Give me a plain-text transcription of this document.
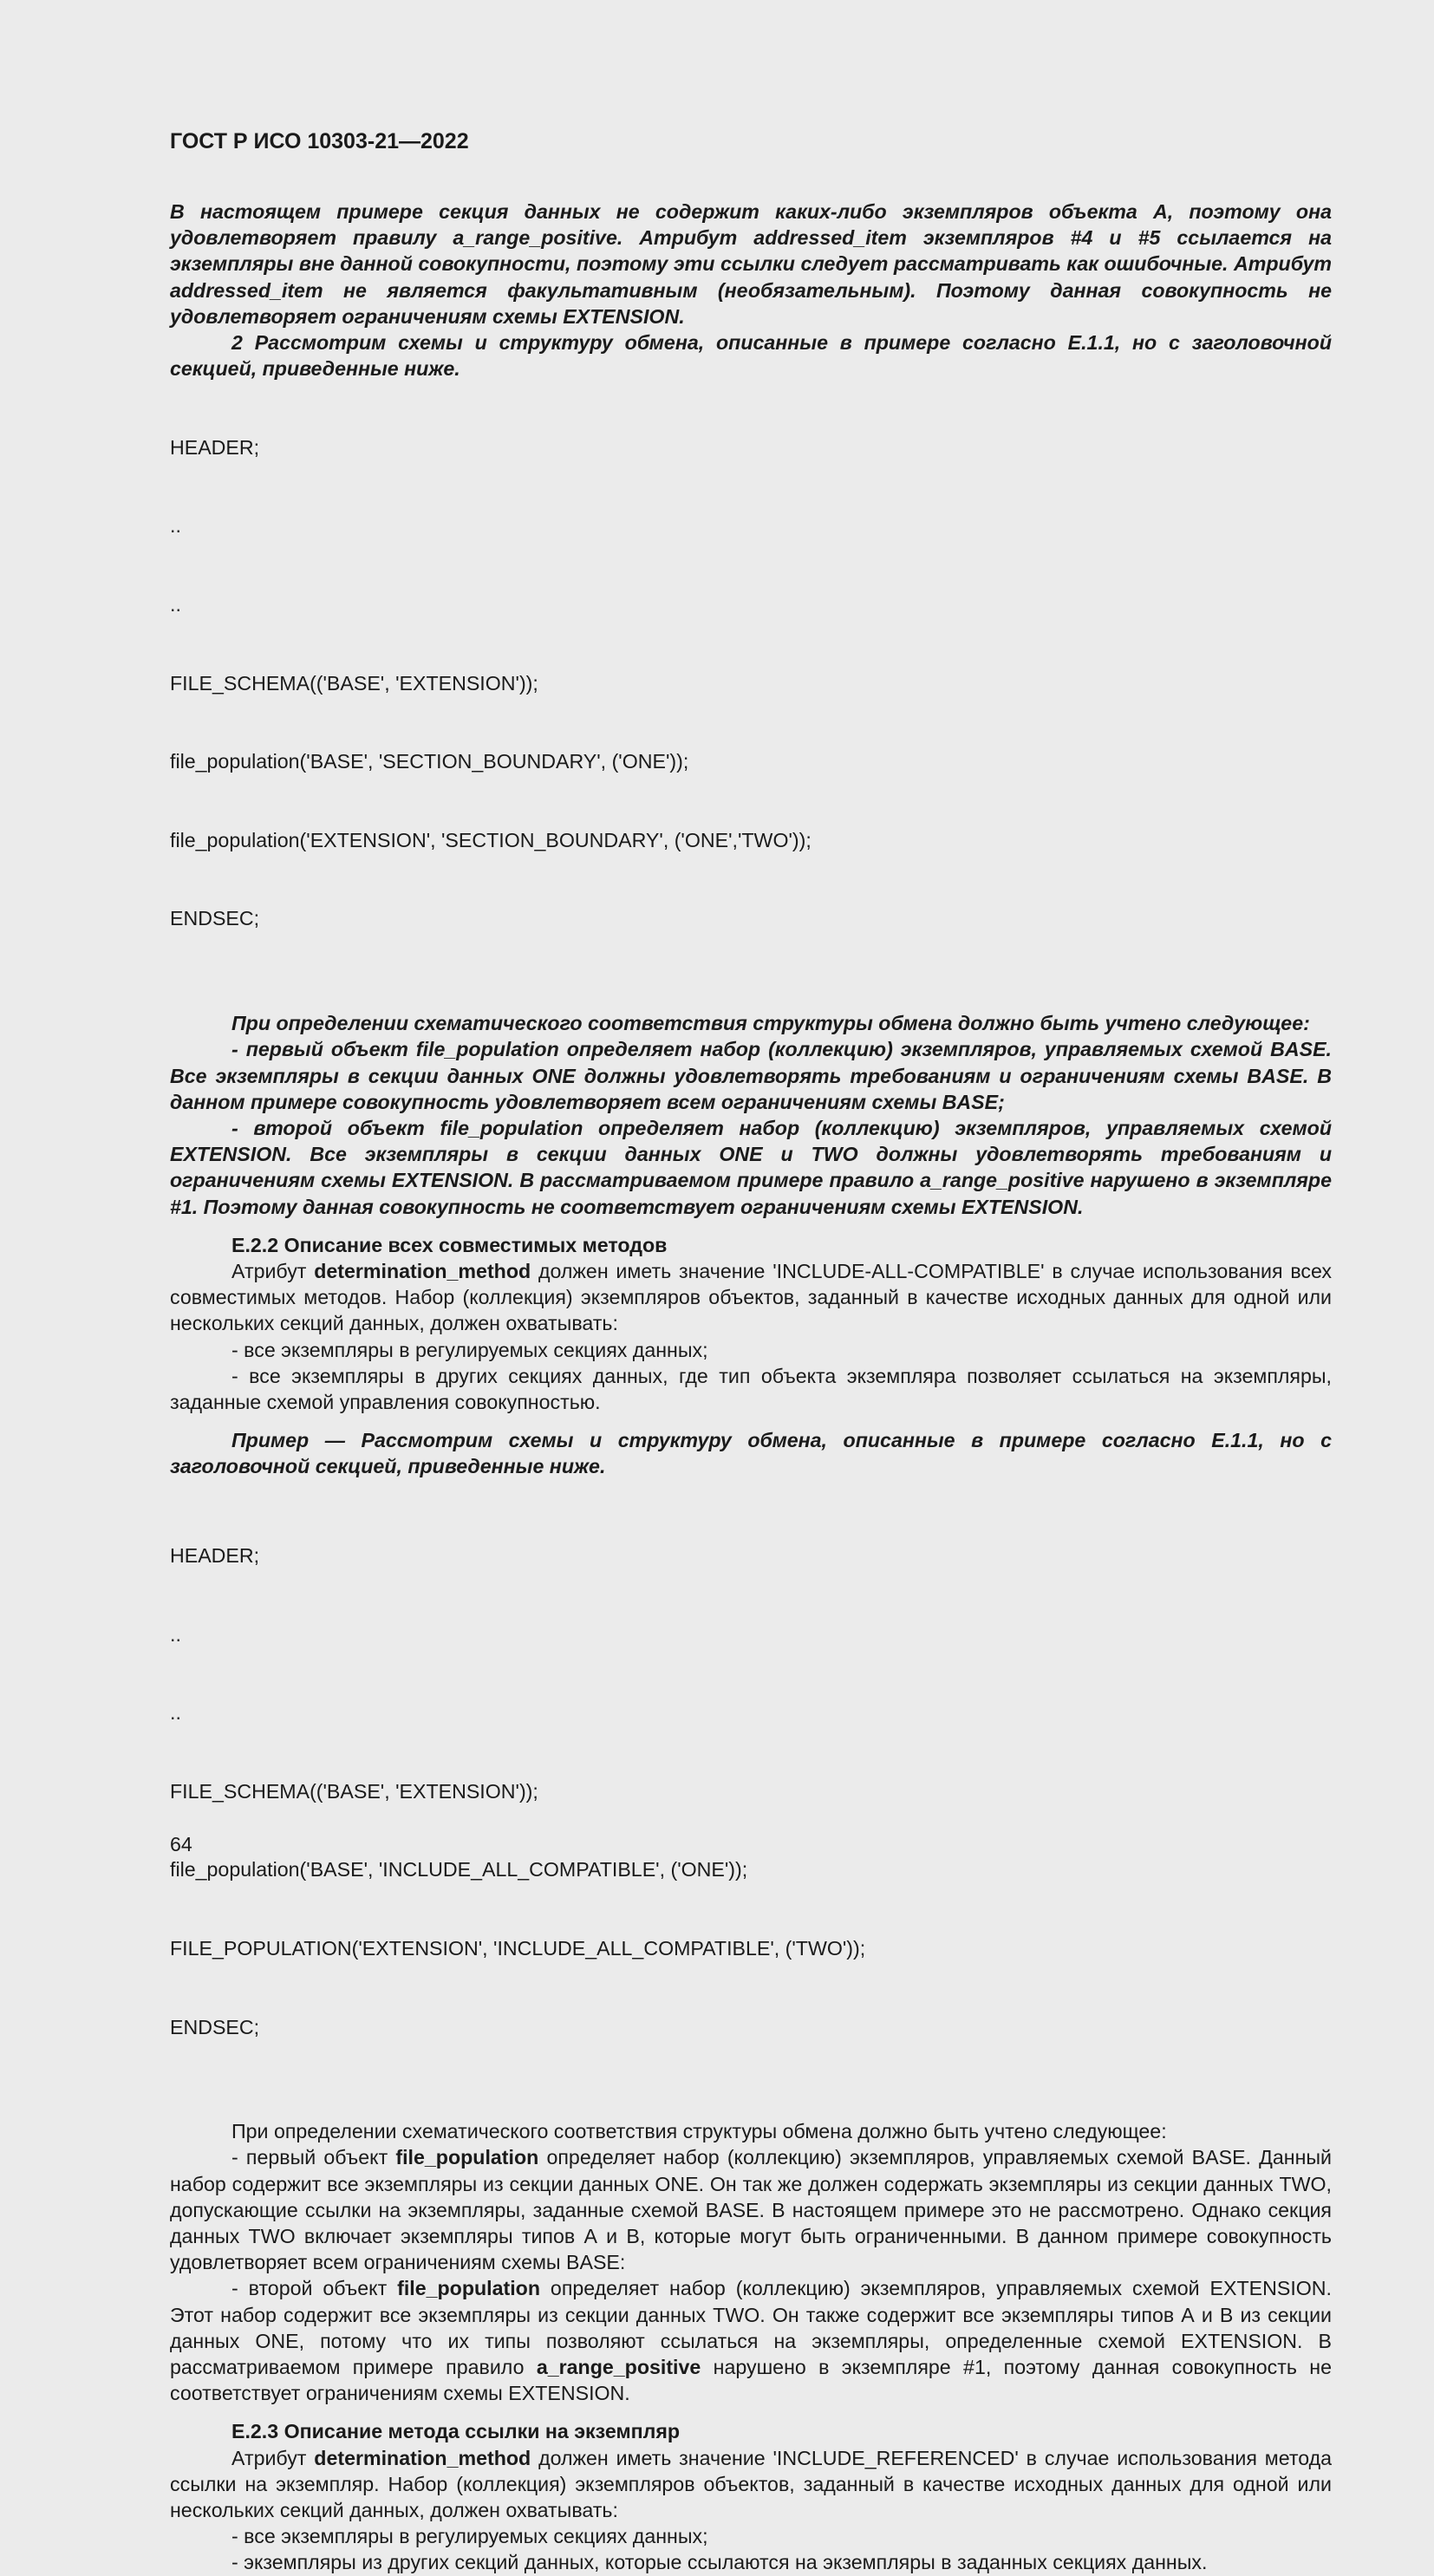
ГОСТ Р ИСО 10303-21—2022

В настоящем примере секция данных не содержит каких-либо экземпляров объекта А, поэтому она удовлетворяет правилу a_range_positive. Атрибут addressed_item экземпляров #4 и #5 ссылается на экземпляры вне данной совокупности, поэтому эти ссылки следует рассматривать как ошибочные. Атрибут addressed_item не является факультативным (необязательным). Поэтому данная совокупность не удовлетворяет ограничениям схемы EXTENSION.

2 Рассмотрим схемы и структуру обмена, описанные в примере согласно Е.1.1, но с заголовочной секцией, приведенные ниже.

HEADER;

..

..

FILE_SCHEMA(('BASE', 'EXTENSION'));

file_population('BASE', 'SECTION_BOUNDARY', ('ONE'));

file_population('EXTENSION', 'SECTION_BOUNDARY', ('ONE','TWO'));

ENDSEC;

При определении схематического соответствия структуры обмена должно быть учтено следующее:

- первый объект file_population определяет набор (коллекцию) экземпляров, управляемых схемой BASE. Все экземпляры в секции данных ONE должны удовлетворять требованиям и ограничениям схемы BASE. В данном примере совокупность удовлетворяет всем ограничениям схемы BASE;

- второй объект file_population определяет набор (коллекцию) экземпляров, управляемых схемой EXTENSION. Все экземпляры в секции данных ONE и TWO должны удовлетворять требованиям и ограничениям схемы EXTENSION. В рассматриваемом примере правило a_range_positive нарушено в экземпляре #1. Поэтому данная совокупность не соответствует ограничениям схемы EXTENSION.

Е.2.2 Описание всех совместимых методов

Атрибут determination_method должен иметь значение 'INCLUDE-ALL-COMPATIBLE' в случае использования всех совместимых методов. Набор (коллекция) экземпляров объектов, заданный в качестве исходных данных для одной или нескольких секций данных, должен охватывать:

- все экземпляры в регулируемых секциях данных;

- все экземпляры в других секциях данных, где тип объекта экземпляра позволяет ссылаться на экземпляры, заданные схемой управления совокупностью.

Пример — Рассмотрим схемы и структуру обмена, описанные в примере согласно Е.1.1, но с заголовочной секцией, приведенные ниже.

HEADER;

..

..

FILE_SCHEMA(('BASE', 'EXTENSION'));

file_population('BASE', 'INCLUDE_ALL_COMPATIBLE', ('ONE'));

FILE_POPULATION('EXTENSION', 'INCLUDE_ALL_COMPATIBLE', ('TWO'));

ENDSEC;

При определении схематического соответствия структуры обмена должно быть учтено следующее:

- первый объект file_population определяет набор (коллекцию) экземпляров, управляемых схемой BASE. Данный набор содержит все экземпляры из секции данных ONE. Он так же должен содержать экземпляры из секции данных TWO, допускающие ссылки на экземпляры, заданные схемой BASE. В настоящем примере это не рассмотрено. Однако секция данных TWO включает экземпляры типов А и В, которые могут быть ограниченными. В данном примере совокупность удовлетворяет всем ограничениям схемы BASE:

- второй объект file_population определяет набор (коллекцию) экземпляров, управляемых схемой EXTENSION. Этот набор содержит все экземпляры из секции данных TWO. Он также содержит все экземпляры типов А и В из секции данных ONE, потому что их типы позволяют ссылаться на экземпляры, определенные схемой EXTENSION. В рассматриваемом примере правило a_range_positive нарушено в экземпляре #1, поэтому данная совокупность не соответствует ограничениям схемы EXTENSION.

Е.2.3 Описание метода ссылки на экземпляр

Атрибут determination_method должен иметь значение 'INCLUDE_REFERENCED' в случае использования метода ссылки на экземпляр. Набор (коллекция) экземпляров объектов, заданный в качестве исходных данных для одной или нескольких секций данных, должен охватывать:

- все экземпляры в регулируемых секциях данных;

- экземпляры из других секций данных, которые ссылаются на экземпляры в заданных секциях данных.

64
